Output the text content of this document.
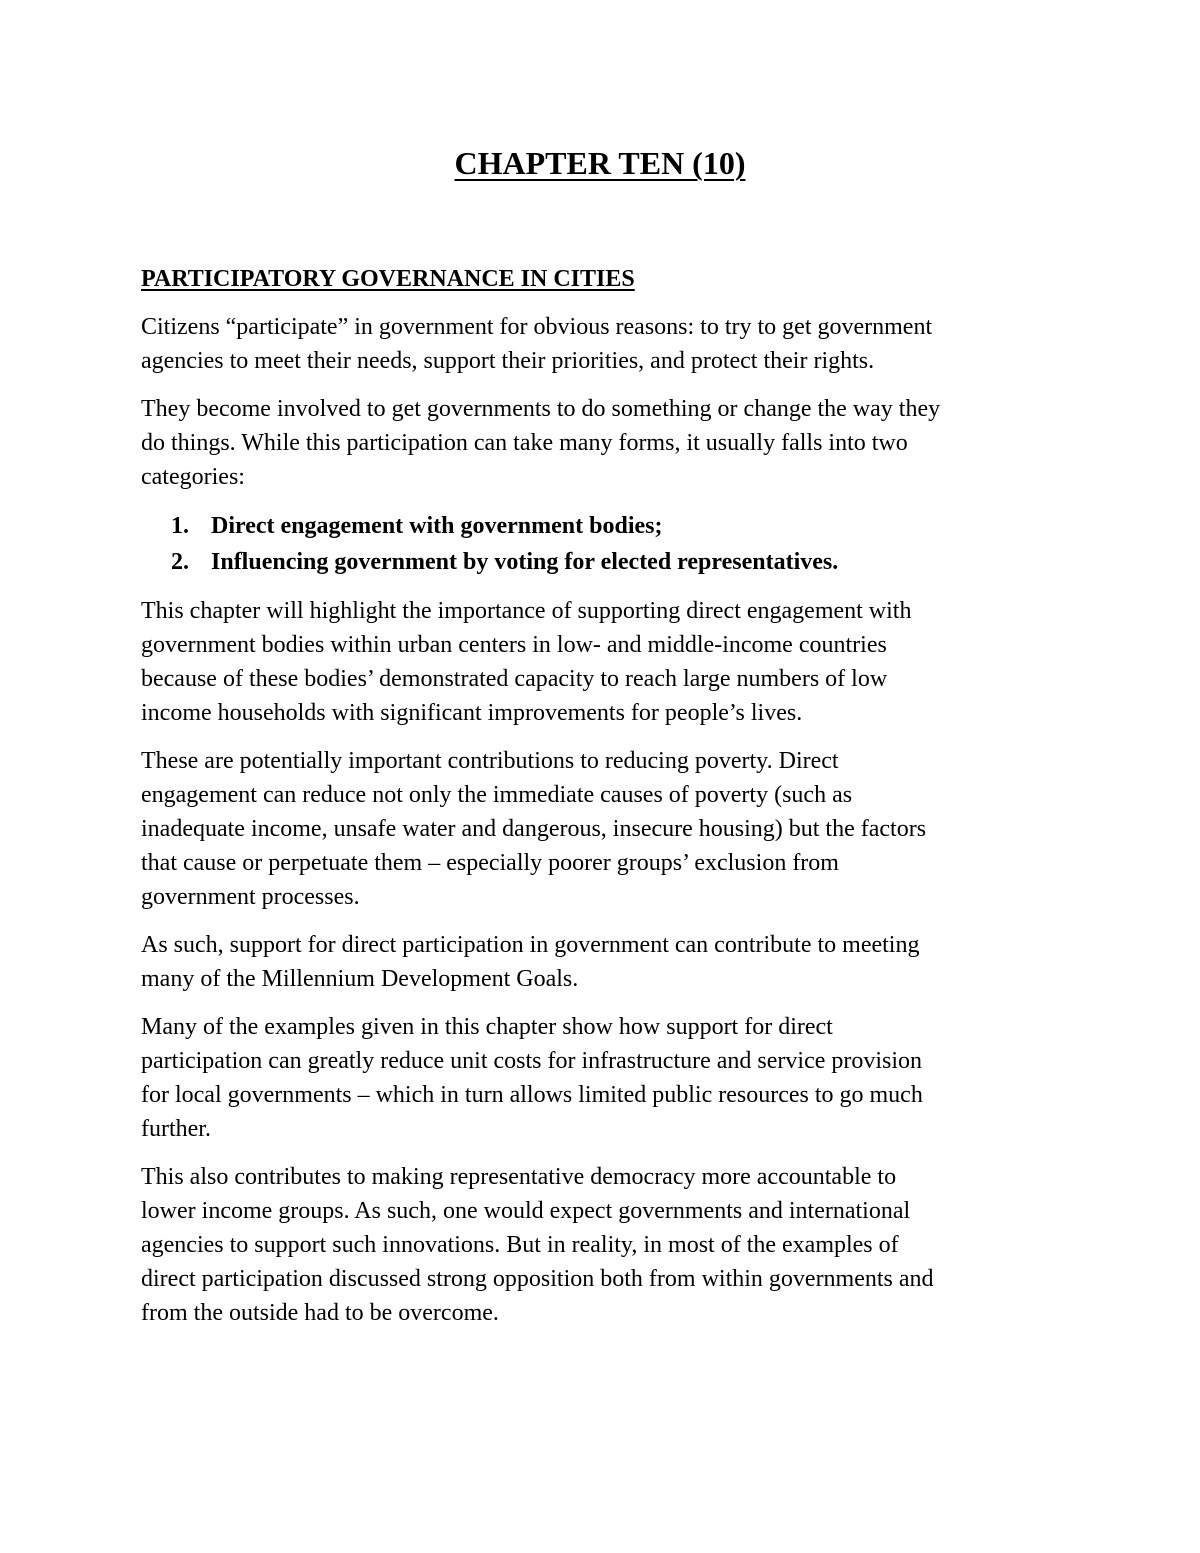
CHAPTER TEN (10)
PARTICIPATORY GOVERNANCE IN CITIES

Citizens “participate” in government for obvious reasons: to try to get government
agencies to meet their needs, support their priorities, and protect their rights.

They become involved to get governments to do something or change the way they
do things. While this participation can take many forms, it usually falls into two
categories:

1. Direct engagement with government bodies;
2. Influencing government by voting for elected representatives.

This chapter will highlight the importance of supporting direct engagement with
government bodies within urban centers in low- and middle-income countries
because of these bodies’ demonstrated capacity to reach large numbers of low
income households with significant improvements for people’s lives.

These are potentially important contributions to reducing poverty. Direct
engagement can reduce not only the immediate causes of poverty (such as
inadequate income, unsafe water and dangerous, insecure housing) but the factors
that cause or perpetuate them – especially poorer groups’ exclusion from
government processes.

As such, support for direct participation in government can contribute to meeting
many of the Millennium Development Goals.

Many of the examples given in this chapter show how support for direct
participation can greatly reduce unit costs for infrastructure and service provision
for local governments – which in turn allows limited public resources to go much
further.

This also contributes to making representative democracy more accountable to
lower income groups. As such, one would expect governments and international
agencies to support such innovations. But in reality, in most of the examples of
direct participation discussed strong opposition both from within governments and
from the outside had to be overcome.
